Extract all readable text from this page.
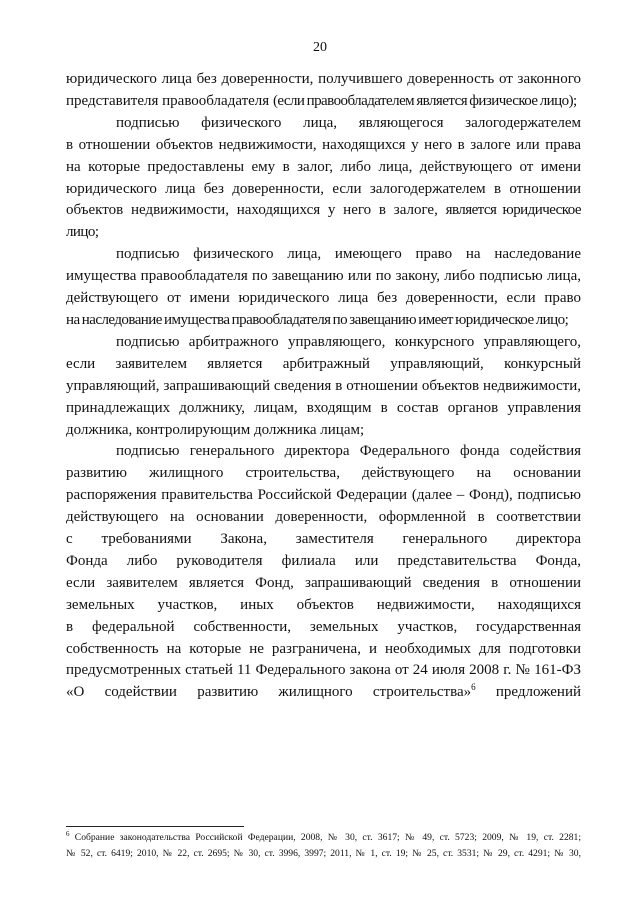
20

юридического лица без доверенности, получившего доверенность от законного

представителя правообладателя (если правообладателем является физическое лицо);

подписью физического лица, являющегося залогодержателем

в отношении объектов недвижимости, находящихся у него в залоге или права

на которые предоставлены ему в залог, либо лица, действующего от имени

юридического лица без доверенности, если залогодержателем в отношении

объектов недвижимости, находящихся у него в залоге, является юридическое лицо;

подписью физического лица, имеющего право на наследование

имущества правообладателя по завещанию или по закону, либо подписью лица,

действующего от имени юридического лица без доверенности, если право

на наследование имущества правообладателя по завещанию имеет юридическое лицо;

подписью арбитражного управляющего, конкурсного управляющего,

если заявителем является арбитражный управляющий, конкурсный

управляющий, запрашивающий сведения в отношении объектов недвижимости,

принадлежащих должнику, лицам, входящим в состав органов управления

должника, контролирующим должника лицам;

подписью генерального директора Федерального фонда содействия

развитию жилищного строительства, действующего на основании

распоряжения правительства Российской Федерации (далее – Фонд), подписью

действующего на основании доверенности, оформленной в соответствии

с требованиями Закона, заместителя генерального директора

Фонда либо руководителя филиала или представительства Фонда,

если заявителем является Фонд, запрашивающий сведения в отношении

земельных участков, иных объектов недвижимости, находящихся

в федеральной собственности, земельных участков, государственная

собственность на которые не разграничена, и необходимых для подготовки

предусмотренных статьей 11 Федерального закона от 24 июля 2008 г. № 161-ФЗ

«О содействии развитию жилищного строительства»$^6$ предложений

$^6$ Собрание законодательства Российской Федерации, 2008, № 30, ст. 3617; № 49, ст. 5723; 2009, № 19, ст. 2281;

№ 52, ст. 6419; 2010, № 22, ст. 2695; № 30, ст. 3996, 3997; 2011, № 1, ст. 19; № 25, ст. 3531; № 29, ст. 4291; № 30,
